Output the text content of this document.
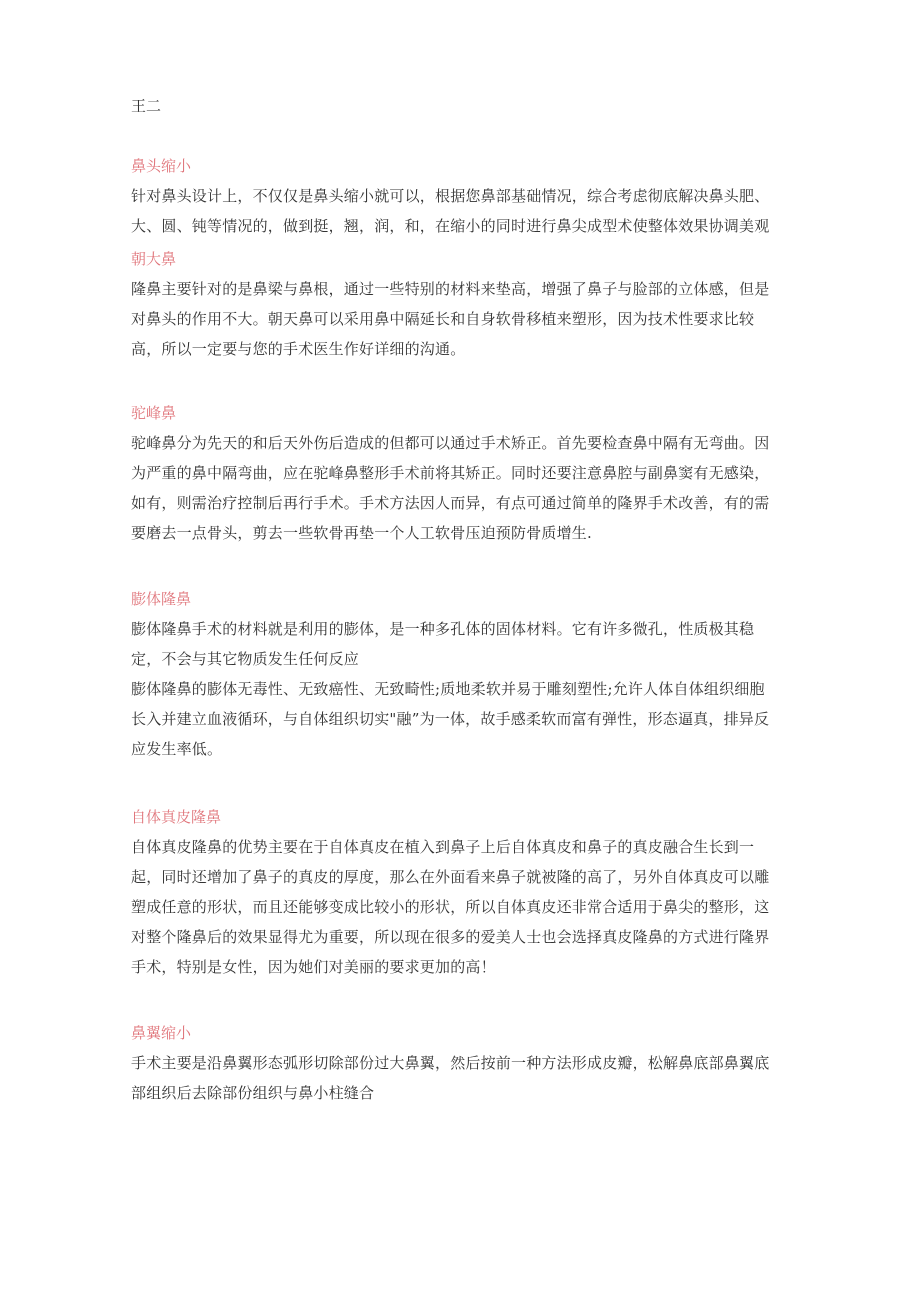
王二

鼻头缩小

针对鼻头设计上，不仅仅是鼻头缩小就可以，根据您鼻部基础情况，综合考虑彻底解决鼻头肥、

大、圆、钝等情况的，做到挺，翘，润，和，在缩小的同时进行鼻尖成型术使整体效果协调美观

朝大鼻

隆鼻主要针对的是鼻梁与鼻根，通过一些特别的材料来垫高，增强了鼻子与脸部的立体感，但是

对鼻头的作用不大。朝天鼻可以采用鼻中隔延长和自身软骨移植来塑形，因为技术性要求比较

高，所以一定要与您的手术医生作好详细的沟通。

驼峰鼻

驼峰鼻分为先天的和后天外伤后造成的但都可以通过手术矫正。首先要检查鼻中隔有无弯曲。因

为严重的鼻中隔弯曲，应在驼峰鼻整形手术前将其矫正。同时还要注意鼻腔与副鼻窦有无感染，

如有，则需治疗控制后再行手术。手术方法因人而异，有点可通过简单的隆界手术改善，有的需

要磨去一点骨头，剪去一些软骨再垫一个人工软骨压迫预防骨质增生.

膨体隆鼻

膨体隆鼻手术的材料就是利用的膨体，是一种多孔体的固体材料。它有许多微孔，性质极其稳

定，不会与其它物质发生任何反应

膨体隆鼻的膨体无毒性、无致癌性、无致畸性;质地柔软并易于雕刻塑性;允许人体自体组织细胞

长入并建立血液循环，与自体组织切实"融”为一体，故手感柔软而富有弹性，形态逼真，排异反

应发生率低。

自体真皮隆鼻

自体真皮隆鼻的优势主要在于自体真皮在植入到鼻子上后自体真皮和鼻子的真皮融合生长到一

起，同时还增加了鼻子的真皮的厚度，那么在外面看来鼻子就被隆的高了，另外自体真皮可以雕

塑成任意的形状，而且还能够变成比较小的形状，所以自体真皮还非常合适用于鼻尖的整形，这

对整个隆鼻后的效果显得尤为重要，所以现在很多的爱美人士也会选择真皮隆鼻的方式进行隆界

手术，特别是女性，因为她们对美丽的要求更加的高！

鼻翼缩小

手术主要是沿鼻翼形态弧形切除部份过大鼻翼，然后按前一种方法形成皮瓣，松解鼻底部鼻翼底

部组织后去除部份组织与鼻小柱缝合
